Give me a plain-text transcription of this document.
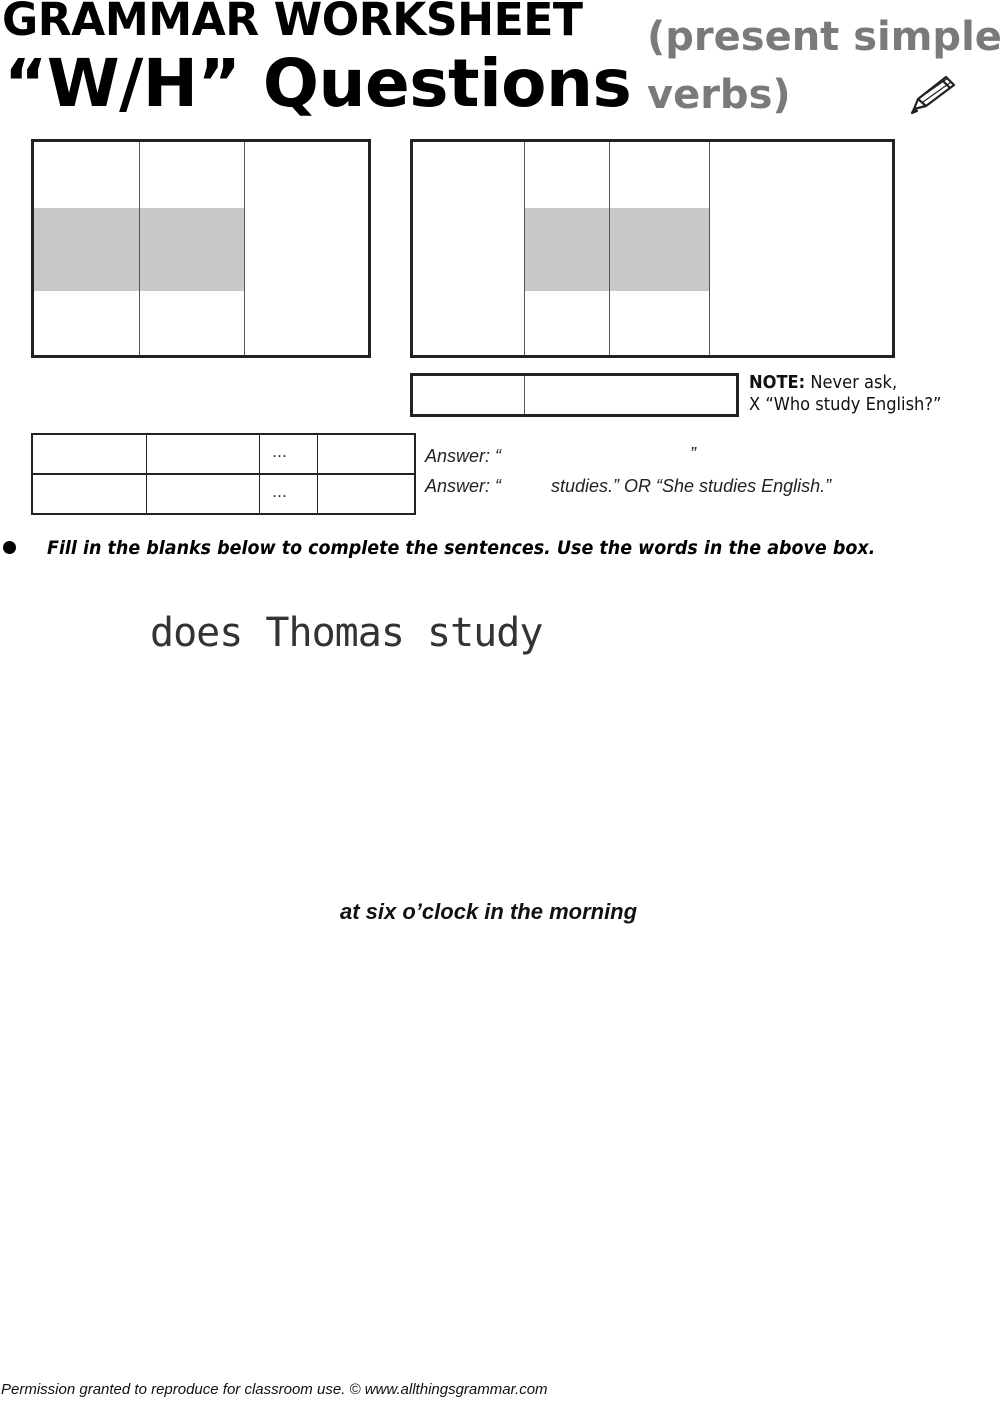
GRAMMAR WORKSHEET
“W/H” Questions
(present simple
verbs)
NOTE: Never ask,
X “Who study English?”
…
…
Answer: “	”
Answer: “	studies.” OR “She studies English.”
Fill in the blanks below to complete the sentences. Use the words in the above box.
does Thomas study
at six o’clock in the morning
Permission granted to reproduce for classroom use. © www.allthingsgrammar.com
